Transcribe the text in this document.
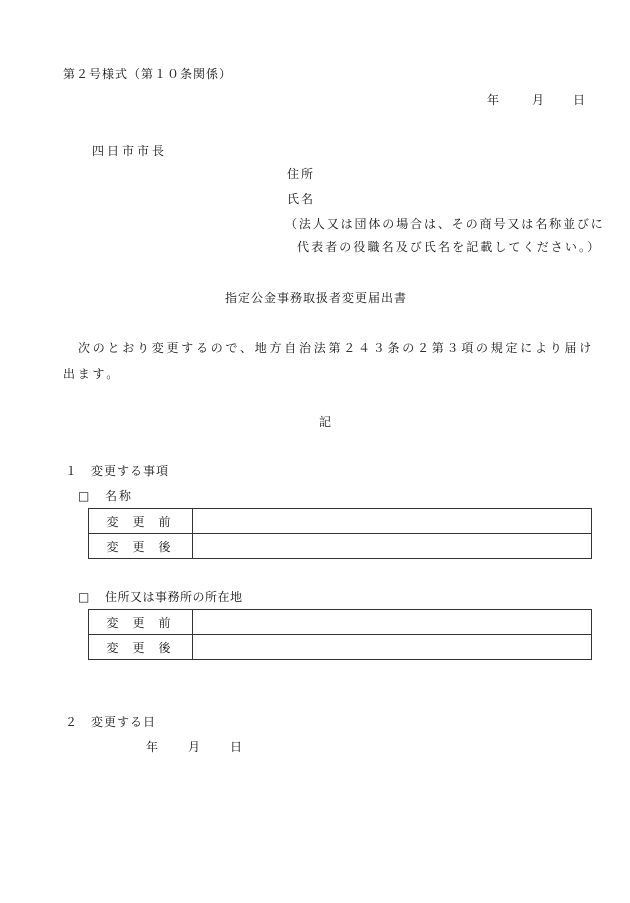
第２号様式（第１０条関係）
年	月 日
四日市市長
住所
氏名
（法人又は団体の場合は、その商号又は名称並びに
代表者の役職名及び氏名を記載してください。）
指定公金事務取扱者変更届出書
次のとおり変更するので、地方自治法第２４３条の２第３項の規定により届け
出ます。
記
１ 変更する事項
□ 名称
変更前	
変更後	
□ 住所又は事務所の所在地
変更前	
変更後	
２ 変更する日
年 月 日
